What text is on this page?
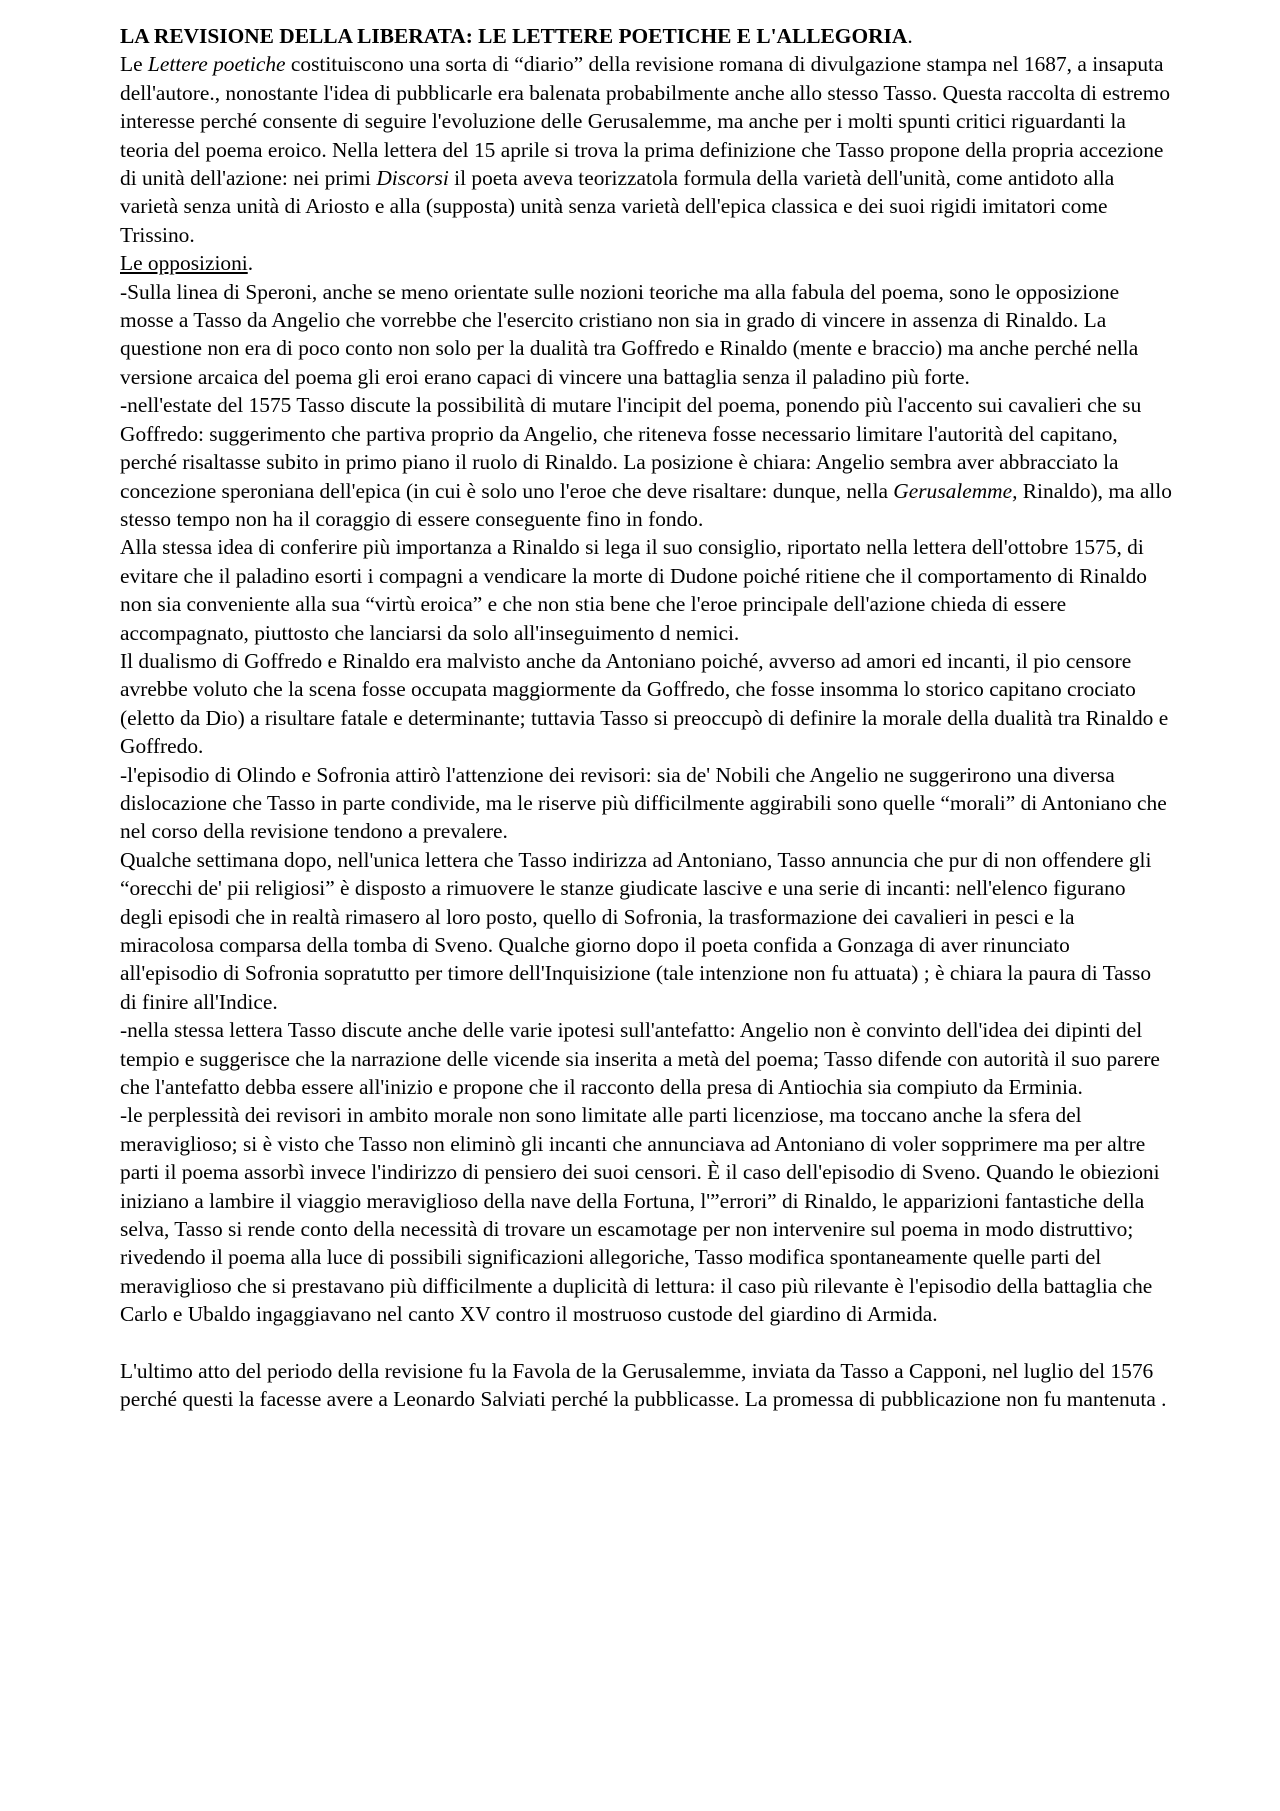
LA REVISIONE DELLA LIBERATA: LE LETTERE POETICHE E L'ALLEGORIA.

Le Lettere poetiche costituiscono una sorta di “diario” della revisione romana di divulgazione stampa nel 1687, a insaputa dell'autore., nonostante l'idea di pubblicarle era balenata probabilmente anche allo stesso Tasso. Questa raccolta di estremo interesse perché consente di seguire l'evoluzione delle Gerusalemme, ma anche per i molti spunti critici riguardanti la teoria del poema eroico. Nella lettera del 15 aprile si trova la prima definizione che Tasso propone della propria accezione di unità dell'azione: nei primi Discorsi il poeta aveva teorizzatola formula della varietà dell'unità, come antidoto alla varietà senza unità di Ariosto e alla (supposta) unità senza varietà dell'epica classica e dei suoi rigidi imitatori come Trissino.

Le opposizioni.

-Sulla linea di Speroni, anche se meno orientate sulle nozioni teoriche ma alla fabula del poema, sono le opposizione mosse a Tasso da Angelio che vorrebbe che l'esercito cristiano non sia in grado di vincere in assenza di Rinaldo. La questione non era di poco conto non solo per la dualità tra Goffredo e Rinaldo (mente e braccio) ma anche perché nella versione arcaica del poema gli eroi erano capaci di vincere una battaglia senza il paladino più forte.

-nell'estate del 1575 Tasso discute la possibilità di mutare l'incipit del poema, ponendo più l'accento sui cavalieri che su Goffredo: suggerimento che partiva proprio da Angelio, che riteneva fosse necessario limitare l'autorità del capitano, perché risaltasse subito in primo piano il ruolo di Rinaldo. La posizione è chiara: Angelio sembra aver abbracciato la concezione speroniana dell'epica (in cui è solo uno l'eroe che deve risaltare: dunque, nella Gerusalemme, Rinaldo), ma allo stesso tempo non ha il coraggio di essere conseguente fino in fondo.

Alla stessa idea di conferire più importanza a Rinaldo si lega il suo consiglio, riportato nella lettera dell'ottobre 1575, di evitare che il paladino esorti i compagni a vendicare la morte di Dudone poiché ritiene che il comportamento di Rinaldo non sia conveniente alla sua “virtù eroica” e che non stia bene che l'eroe principale dell'azione chieda di essere accompagnato, piuttosto che lanciarsi da solo all'inseguimento d nemici.

Il dualismo di Goffredo e Rinaldo era malvisto anche da Antoniano poiché, avverso ad amori ed incanti, il pio censore avrebbe voluto che la scena fosse occupata maggiormente da Goffredo, che fosse insomma lo storico capitano crociato (eletto da Dio) a risultare fatale e determinante; tuttavia Tasso si preoccupò di definire la morale della dualità tra Rinaldo e Goffredo.

-l'episodio di Olindo e Sofronia attirò l'attenzione dei revisori: sia de' Nobili che Angelio ne suggerirono una diversa dislocazione che Tasso in parte condivide, ma le riserve più difficilmente aggirabili sono quelle “morali” di Antoniano che nel corso della revisione tendono a prevalere.

Qualche settimana dopo, nell'unica lettera che Tasso indirizza ad Antoniano, Tasso annuncia che pur di non offendere gli “orecchi de' pii religiosi” è disposto a rimuovere le stanze giudicate lascive e una serie di incanti: nell'elenco figurano degli episodi che in realtà rimasero al loro posto, quello di Sofronia, la trasformazione dei cavalieri in pesci e la miracolosa comparsa della tomba di Sveno. Qualche giorno dopo il poeta confida a Gonzaga di aver rinunciato all'episodio di Sofronia sopratutto per timore dell'Inquisizione (tale intenzione non fu attuata) ; è chiara la paura di Tasso di finire all'Indice.

-nella stessa lettera Tasso discute anche delle varie ipotesi sull'antefatto: Angelio non è convinto dell'idea dei dipinti del tempio e suggerisce che la narrazione delle vicende sia inserita a metà del poema; Tasso difende con autorità il suo parere che l'antefatto debba essere all'inizio e propone che il racconto della presa di Antiochia sia compiuto da Erminia.

-le perplessità dei revisori in ambito morale non sono limitate alle parti licenziose, ma toccano anche la sfera del meraviglioso; si è visto che Tasso non eliminò gli incanti che annunciava ad Antoniano di voler sopprimere ma per altre parti il poema assorbì invece l'indirizzo di pensiero dei suoi censori. È il caso dell'episodio di Sveno. Quando le obiezioni iniziano a lambire il viaggio meraviglioso della nave della Fortuna, l'”errori” di Rinaldo, le apparizioni fantastiche della selva, Tasso si rende conto della necessità di trovare un escamotage per non intervenire sul poema in modo distruttivo; rivedendo il poema alla luce di possibili significazioni allegoriche, Tasso modifica spontaneamente quelle parti del meraviglioso che si prestavano più difficilmente a duplicità di lettura: il caso più rilevante è l'episodio della battaglia che Carlo e Ubaldo ingaggiavano nel canto XV contro il mostruoso custode del giardino di Armida.

L'ultimo atto del periodo della revisione fu la Favola de la Gerusalemme, inviata da Tasso a Capponi, nel luglio del 1576 perché questi la facesse avere a Leonardo Salviati perché la pubblicasse. La promessa di pubblicazione non fu mantenuta .
